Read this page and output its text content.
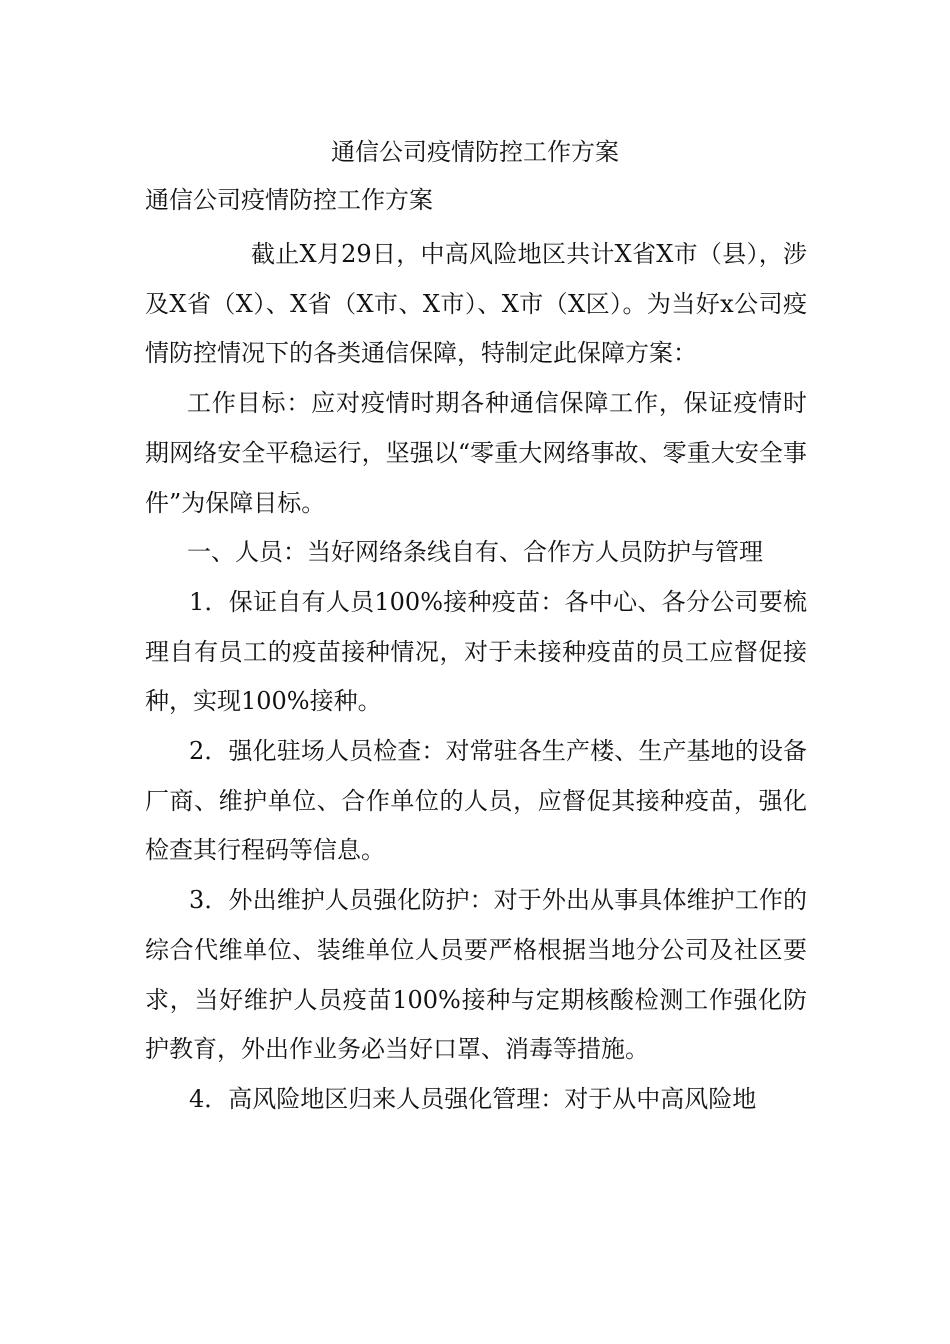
通信公司疫情防控工作方案
通信公司疫情防控工作方案

截止X月29日，中高风险地区共计X省X市（县），涉及X省（X）、X省（X市、X市）、X市（X区）。为当好x公司疫情防控情况下的各类通信保障，特制定此保障方案：

工作目标：应对疫情时期各种通信保障工作，保证疫情时期网络安全平稳运行，坚强以“零重大网络事故、零重大安全事件”为保障目标。

一、人员：当好网络条线自有、合作方人员防护与管理

1．保证自有人员100%接种疫苗：各中心、各分公司要梳理自有员工的疫苗接种情况，对于未接种疫苗的员工应督促接种，实现100%接种。

2．强化驻场人员检查：对常驻各生产楼、生产基地的设备厂商、维护单位、合作单位的人员，应督促其接种疫苗，强化检查其行程码等信息。

3．外出维护人员强化防护：对于外出从事具体维护工作的综合代维单位、装维单位人员要严格根据当地分公司及社区要求，当好维护人员疫苗100%接种与定期核酸检测工作强化防护教育，外出作业务必当好口罩、消毒等措施。

4．高风险地区归来人员强化管理：对于从中高风险地
